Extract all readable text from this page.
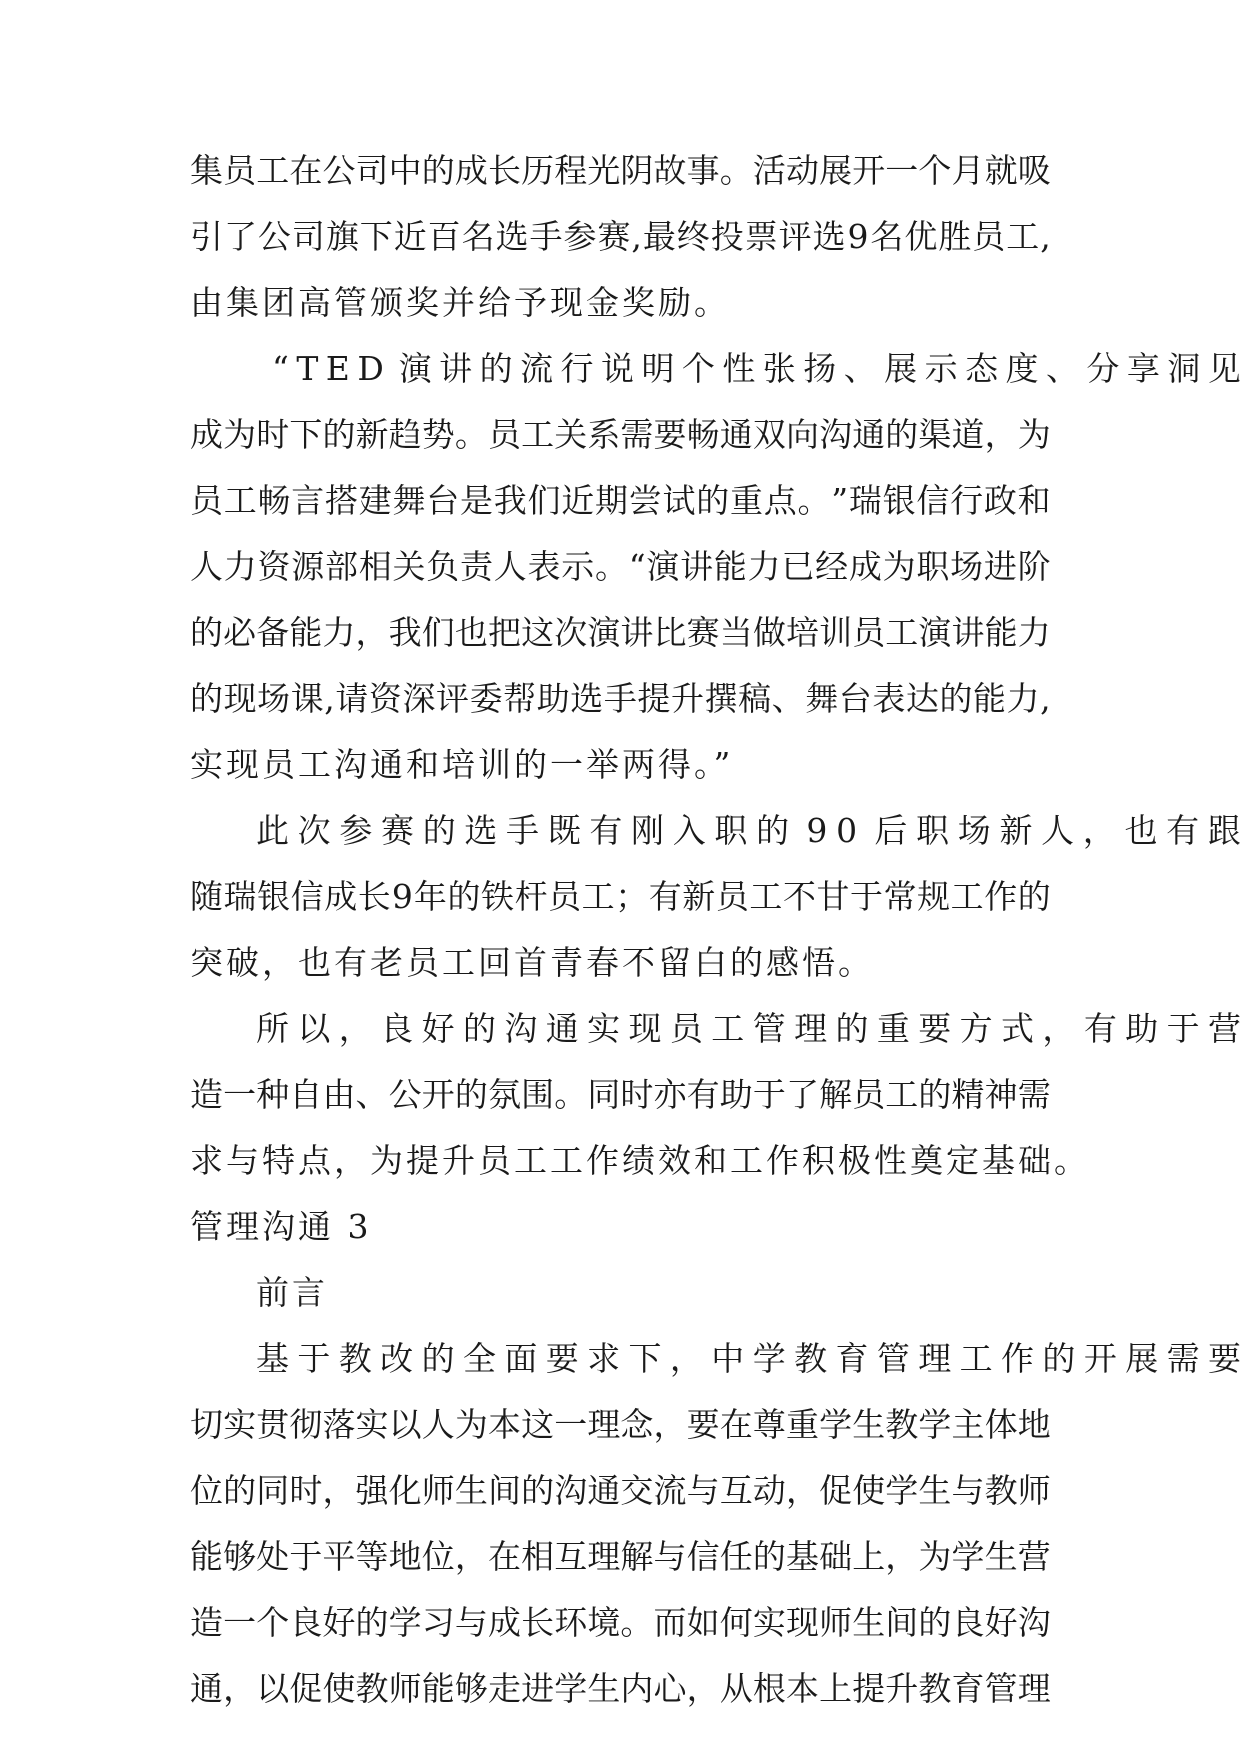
集 员 工 在 公 司 中 的 成 长 历 程 光 阴 故 事 。 活 动 展 开 一 个 月 就 吸
引 了 公 司 旗 下 近 百 名 选 手 参 赛 , 最 终 投 票 评 选 9 名 优 胜 员 工 ,
由集团高管颁奖并给予现金奖励。
“ T E D 演 讲 的 流 行 说 明 个 性 张 扬 、 展 示 态 度 、 分 享 洞 见
成 为 时 下 的 新 趋 势 。 员 工 关 系 需 要 畅 通 双 向 沟 通 的 渠 道 ， 为
员 工 畅 言 搭 建 舞 台 是 我 们 近 期 尝 试 的 重 点 。 ” 瑞 银 信 行 政 和
人 力 资 源 部 相 关 负 责 人 表 示 。 “ 演 讲 能 力 已 经 成 为 职 场 进 阶
的 必 备 能 力 ， 我 们 也 把 这 次 演 讲 比 赛 当 做 培 训 员 工 演 讲 能 力
的 现 场 课 , 请 资 深 评 委 帮 助 选 手 提 升 撰 稿 、 舞 台 表 达 的 能 力 ,
实现员工沟通和培训的一举两得。”
此 次 参 赛 的 选 手 既 有 刚 入 职 的 9 0 后 职 场 新 人 ， 也 有 跟
随 瑞 银 信 成 长 9 年 的 铁 杆 员 工 ； 有 新 员 工 不 甘 于 常 规 工 作 的
突破，也有老员工回首青春不留白的感悟。
所 以 ， 良 好 的 沟 通 实 现 员 工 管 理 的 重 要 方 式 ， 有 助 于 营
造 一 种 自 由 、 公 开 的 氛 围 。 同 时 亦 有 助 于 了 解 员 工 的 精 神 需
求与特点，为提升员工工作绩效和工作积极性奠定基础。
管理沟通 3
前言
基 于 教 改 的 全 面 要 求 下 ， 中 学 教 育 管 理 工 作 的 开 展 需 要
切 实 贯 彻 落 实 以 人 为 本 这 一 理 念 ， 要 在 尊 重 学 生 教 学 主 体 地
位 的 同 时 ， 强 化 师 生 间 的 沟 通 交 流 与 互 动 ， 促 使 学 生 与 教 师
能 够 处 于 平 等 地 位 ， 在 相 互 理 解 与 信 任 的 基 础 上 ， 为 学 生 营
造 一 个 良 好 的 学 习 与 成 长 环 境 。 而 如 何 实 现 师 生 间 的 良 好 沟
通 ， 以 促 使 教 师 能 够 走 进 学 生 内 心 ， 从 根 本 上 提 升 教 育 管 理
